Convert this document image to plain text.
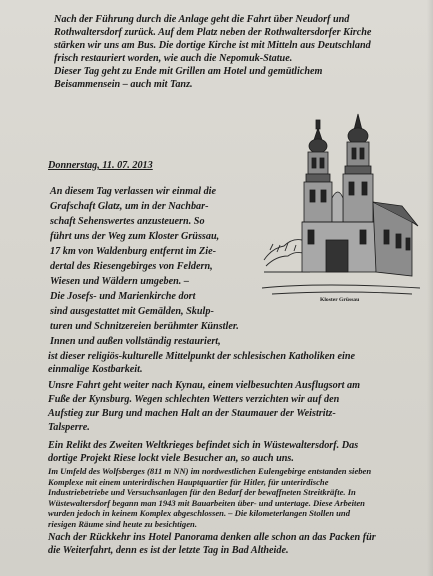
Nach der Führung durch die Anlage geht die Fahrt über Neudorf und
Rothwaltersdorf zurück. Auf dem Platz neben der Rothwaltersdorfer Kirche
stärken wir uns am Bus. Die dortige Kirche ist mit Mitteln aus Deutschland
frisch restauriert worden, wie auch die Nepomuk-Statue.
Dieser Tag geht zu Ende mit Grillen am Hotel und gemütlichem
Beisammensein – auch mit Tanz.
Donnerstag, 11. 07. 2013
An diesem Tag verlassen wir einmal die
Grafschaft Glatz, um in der Nachbar-
schaft Sehenswertes anzusteuern. So
führt uns der Weg zum Kloster Grüssau,
17 km von Waldenburg entfernt im Zie-
dertal des Riesengebirges von Feldern,
Wiesen und Wäldern umgeben. –
Die Josefs- und Marienkirche dort
sind ausgestattet mit Gemälden, Skulp-
turen und Schnitzereien berühmter Künstler.
Innen und außen vollständig restauriert,
ist dieser religiös-kulturelle Mittelpunkt der schlesischen Katholiken eine
einmalige Kostbarkeit.
Unsre Fahrt geht weiter nach Kynau, einem vielbesuchten Ausflugsort am
Fuße der Kynsburg. Wegen schlechten Wetters verzichten wir auf den
Aufstieg zur Burg und machen Halt an der Staumauer der Weistritz-
Talsperre.
Kloster Grüssau
Ein Relikt des Zweiten Weltkrieges befindet sich in Wüstewaltersdorf. Das
dortige Projekt Riese lockt viele Besucher an, so auch uns.
Im Umfeld des Wolfsberges (811 m NN) im nordwestlichen Eulengebirge entstanden sieben
Komplexe mit einem unterirdischen Hauptquartier für Hitler, für unterirdische
Industriebetriebe und Versuchsanlagen für den Bedarf der bewaffneten Streitkräfte. In
Wüstewaltersdorf begann man 1943 mit Bauarbeiten über- und untertage. Diese Arbeiten
wurden jedoch in keinem Komplex abgeschlossen. – Die kilometerlangen Stollen und
riesigen Räume sind heute zu besichtigen.
Nach der Rückkehr ins Hotel Panorama denken alle schon an das Packen für
die Weiterfahrt, denn es ist der letzte Tag in Bad Altheide.
